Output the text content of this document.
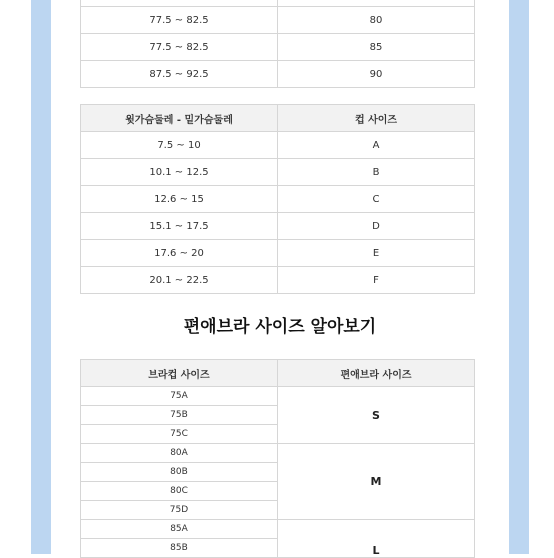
77.5 ~ 82.5	80
77.5 ~ 82.5	85
87.5 ~ 92.5	90
윗가슴둘레 - 밑가슴둘레	컵 사이즈
7.5 ~ 10	A
10.1 ~ 12.5	B
12.6 ~ 15	C
15.1 ~ 17.5	D
17.6 ~ 20	E
20.1 ~ 22.5	F
편애브라 사이즈 알아보기
브라컵 사이즈	편애브라 사이즈
75A	S
75B	
75C	
80A	M
80B	
80C	
75D	
85A	L
85B	
